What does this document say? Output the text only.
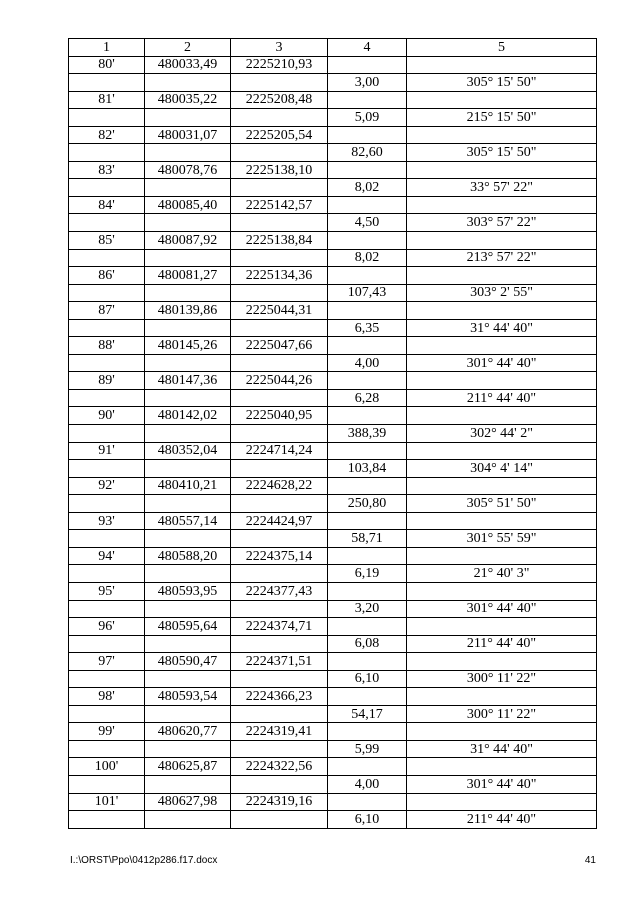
1	2	3	4	5
80'	480033,49	2225210,93		
			3,00	305° 15' 50"
81'	480035,22	2225208,48		
			5,09	215° 15' 50"
82'	480031,07	2225205,54		
			82,60	305° 15' 50"
83'	480078,76	2225138,10		
			8,02	33° 57' 22"
84'	480085,40	2225142,57		
			4,50	303° 57' 22"
85'	480087,92	2225138,84		
			8,02	213° 57' 22"
86'	480081,27	2225134,36		
			107,43	303° 2' 55"
87'	480139,86	2225044,31		
			6,35	31° 44' 40"
88'	480145,26	2225047,66		
			4,00	301° 44' 40"
89'	480147,36	2225044,26		
			6,28	211° 44' 40"
90'	480142,02	2225040,95		
			388,39	302° 44' 2"
91'	480352,04	2224714,24		
			103,84	304° 4' 14"
92'	480410,21	2224628,22		
			250,80	305° 51' 50"
93'	480557,14	2224424,97		
			58,71	301° 55' 59"
94'	480588,20	2224375,14		
			6,19	21° 40' 3"
95'	480593,95	2224377,43		
			3,20	301° 44' 40"
96'	480595,64	2224374,71		
			6,08	211° 44' 40"
97'	480590,47	2224371,51		
			6,10	300° 11' 22"
98'	480593,54	2224366,23		
			54,17	300° 11' 22"
99'	480620,77	2224319,41		
			5,99	31° 44' 40"
100'	480625,87	2224322,56		
			4,00	301° 44' 40"
101'	480627,98	2224319,16		
			6,10	211° 44' 40"
I.:\ORST\Ppo\0412p286.f17.docx	41
